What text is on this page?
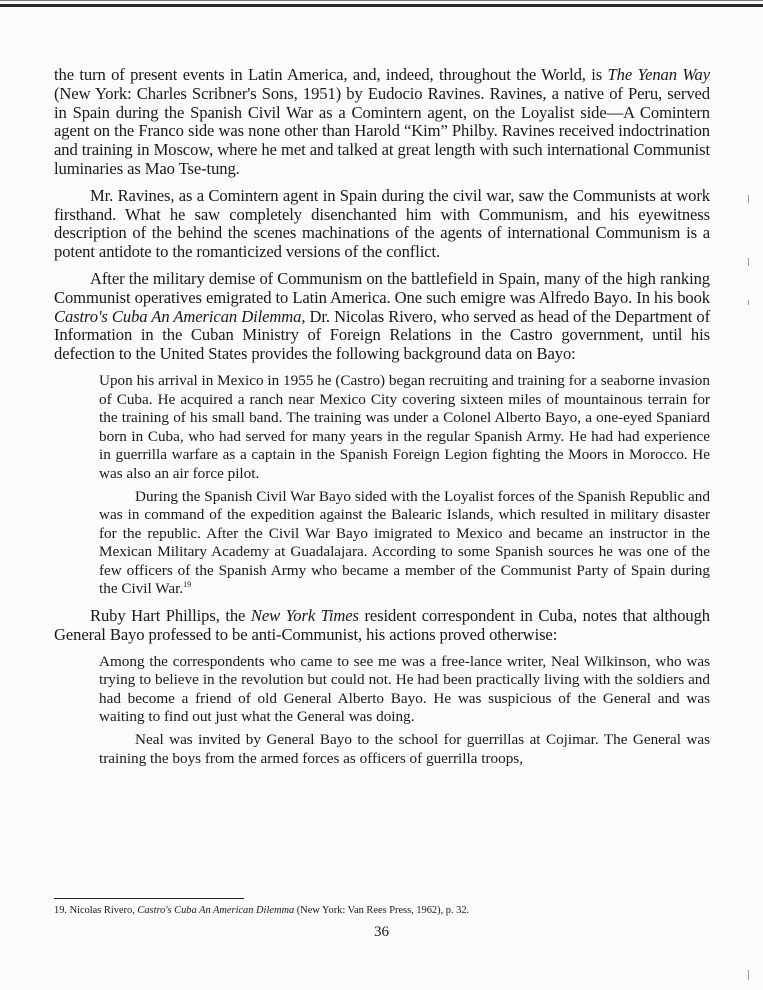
the turn of present events in Latin America, and, indeed, throughout the World, is The Yenan Way (New York: Charles Scribner's Sons, 1951) by Eudocio Ravines. Ravines, a native of Peru, served in Spain during the Spanish Civil War as a Comintern agent, on the Loyalist side—A Comintern agent on the Franco side was none other than Harold “Kim” Philby. Ravines received indoctrination and training in Moscow, where he met and talked at great length with such international Communist luminaries as Mao Tse-tung.

Mr. Ravines, as a Comintern agent in Spain during the civil war, saw the Communists at work firsthand. What he saw completely disenchanted him with Communism, and his eyewitness description of the behind the scenes machinations of the agents of international Communism is a potent antidote to the romanticized versions of the conflict.

After the military demise of Communism on the battlefield in Spain, many of the high ranking Communist operatives emigrated to Latin America. One such emigre was Alfredo Bayo. In his book Castro's Cuba An American Dilemma, Dr. Nicolas Rivero, who served as head of the Department of Information in the Cuban Ministry of Foreign Relations in the Castro government, until his defection to the United States provides the following background data on Bayo:

Upon his arrival in Mexico in 1955 he (Castro) began recruiting and training for a seaborne invasion of Cuba. He acquired a ranch near Mexico City covering sixteen miles of mountainous terrain for the training of his small band. The training was under a Colonel Alberto Bayo, a one-eyed Spaniard born in Cuba, who had served for many years in the regular Spanish Army. He had had experience in guerrilla warfare as a captain in the Spanish Foreign Legion fighting the Moors in Morocco. He was also an air force pilot.

During the Spanish Civil War Bayo sided with the Loyalist forces of the Spanish Republic and was in command of the expedition against the Balearic Islands, which resulted in military disaster for the republic. After the Civil War Bayo imigrated to Mexico and became an instructor in the Mexican Military Academy at Guadalajara. According to some Spanish sources he was one of the few officers of the Spanish Army who became a member of the Communist Party of Spain during the Civil War.$^{19}$

Ruby Hart Phillips, the New York Times resident correspondent in Cuba, notes that although General Bayo professed to be anti-Communist, his actions proved otherwise:

Among the correspondents who came to see me was a free-lance writer, Neal Wilkinson, who was trying to believe in the revolution but could not. He had been practically living with the soldiers and had become a friend of old General Alberto Bayo. He was suspicious of the General and was waiting to find out just what the General was doing.

Neal was invited by General Bayo to the school for guerrillas at Cojimar. The General was training the boys from the armed forces as officers of guerrilla troops,

19. Nicolas Rivero, Castro's Cuba An American Dilemma (New York: Van Rees Press, 1962), p. 32.
36
